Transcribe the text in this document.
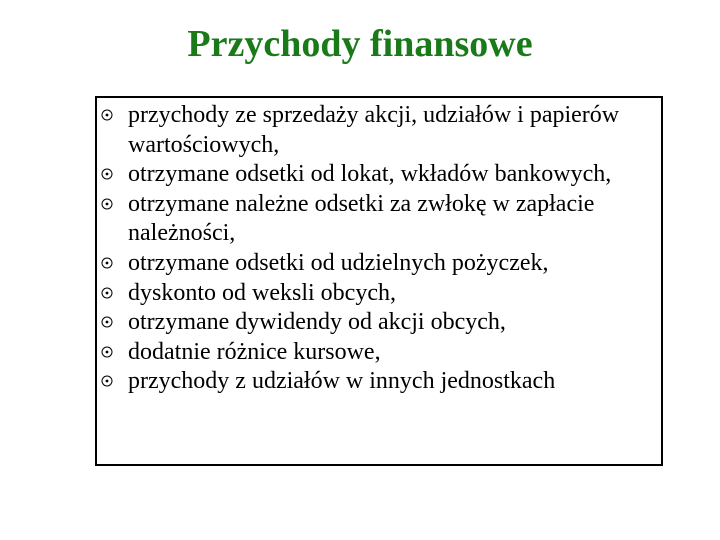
Przychody finansowe
przychody ze sprzedaży akcji, udziałów i papierów wartościowych,
otrzymane odsetki od lokat, wkładów bankowych,
otrzymane należne odsetki za zwłokę w zapłacie należności,
otrzymane odsetki od udzielnych pożyczek,
dyskonto od weksli obcych,
otrzymane dywidendy od akcji obcych,
dodatnie różnice kursowe,
przychody z udziałów w innych jednostkach
